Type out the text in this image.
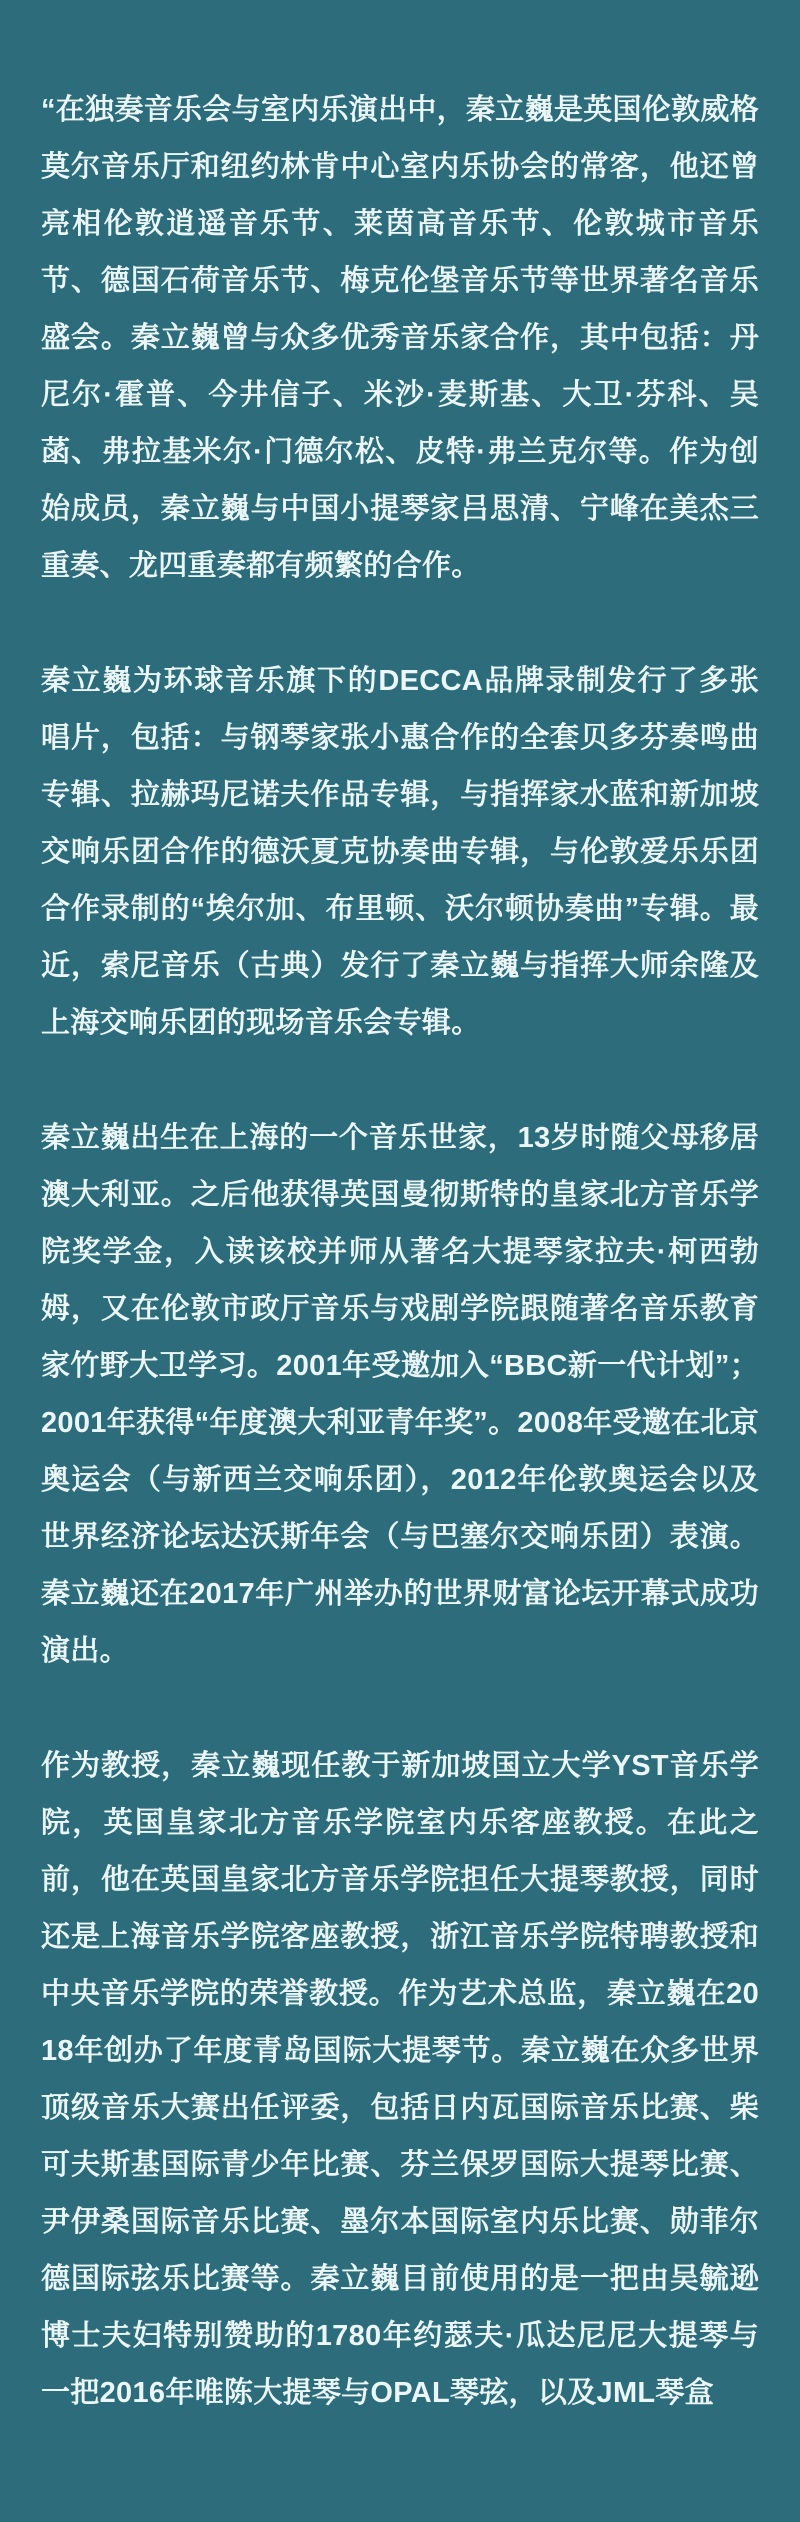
“在独奏音乐会与室内乐演出中，秦立巍是英国伦敦威格莫尔音乐厅和纽约林肯中心室内乐协会的常客，他还曾亮相伦敦逍遥音乐节、莱茵高音乐节、伦敦城市音乐节、德国石荷音乐节、梅克伦堡音乐节等世界著名音乐盛会。秦立巍曾与众多优秀音乐家合作，其中包括：丹尼尔·霍普、今井信子、米沙·麦斯基、大卫·芬科、吴菡、弗拉基米尔·门德尔松、皮特·弗兰克尔等。作为创始成员，秦立巍与中国小提琴家吕思清、宁峰在美杰三重奏、龙四重奏都有频繁的合作。

秦立巍为环球音乐旗下的DECCA品牌录制发行了多张唱片，包括：与钢琴家张小惠合作的全套贝多芬奏鸣曲专辑、拉赫玛尼诺夫作品专辑，与指挥家水蓝和新加坡交响乐团合作的德沃夏克协奏曲专辑，与伦敦爱乐乐团合作录制的“埃尔加、布里顿、沃尔顿协奏曲”专辑。最近，索尼音乐（古典）发行了秦立巍与指挥大师余隆及上海交响乐团的现场音乐会专辑。

秦立巍出生在上海的一个音乐世家，13岁时随父母移居澳大利亚。之后他获得英国曼彻斯特的皇家北方音乐学院奖学金，入读该校并师从著名大提琴家拉夫·柯西勃姆，又在伦敦市政厅音乐与戏剧学院跟随著名音乐教育家竹野大卫学习。2001年受邀加入“BBC新一代计划”；2001年获得“年度澳大利亚青年奖”。2008年受邀在北京奥运会（与新西兰交响乐团），2012年伦敦奥运会以及世界经济论坛达沃斯年会（与巴塞尔交响乐团）表演。秦立巍还在2017年广州举办的世界财富论坛开幕式成功演出。

作为教授，秦立巍现任教于新加坡国立大学YST音乐学院，英国皇家北方音乐学院室内乐客座教授。在此之前，他在英国皇家北方音乐学院担任大提琴教授，同时还是上海音乐学院客座教授，浙江音乐学院特聘教授和中央音乐学院的荣誉教授。作为艺术总监，秦立巍在2018年创办了年度青岛国际大提琴节。秦立巍在众多世界顶级音乐大赛出任评委，包括日内瓦国际音乐比赛、柴可夫斯基国际青少年比赛、芬兰保罗国际大提琴比赛、尹伊桑国际音乐比赛、墨尔本国际室内乐比赛、勋菲尔德国际弦乐比赛等。秦立巍目前使用的是一把由吴毓逊博士夫妇特别赞助的1780年约瑟夫·瓜达尼尼大提琴与一把2016年唯陈大提琴与OPAL琴弦，以及JML琴盒
